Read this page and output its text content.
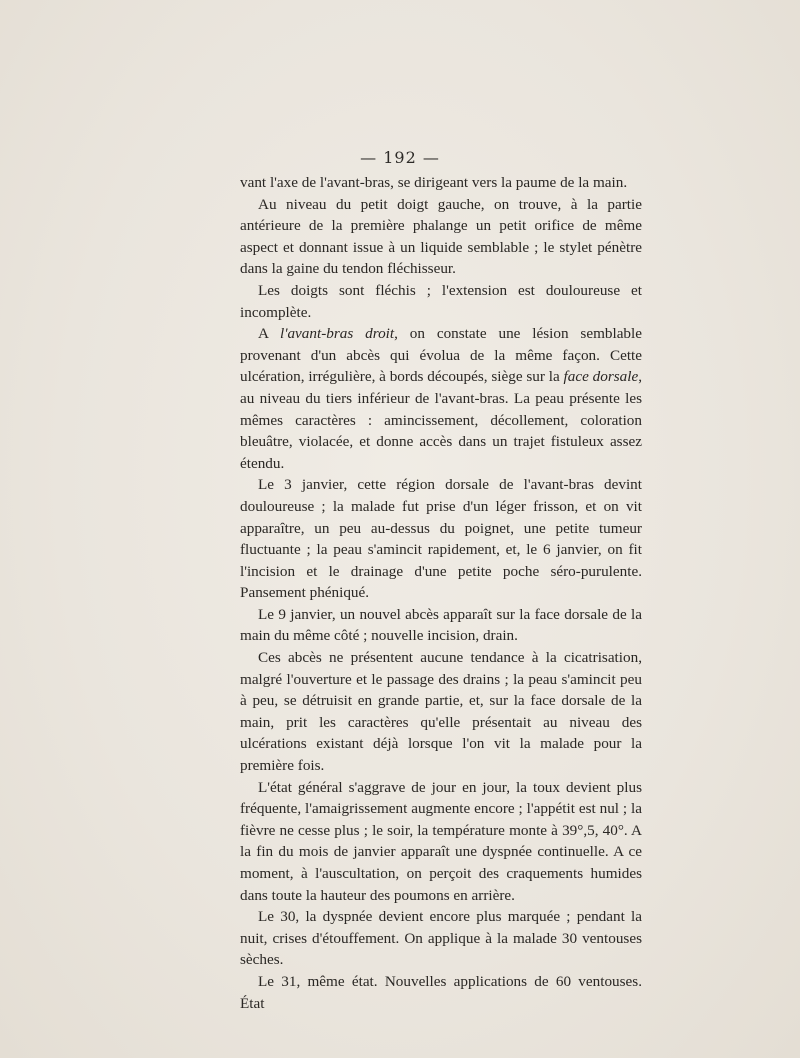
— 192 —

vant l'axe de l'avant-bras, se dirigeant vers la paume de la main.

Au niveau du petit doigt gauche, on trouve, à la partie antérieure de la première phalange un petit orifice de même aspect et donnant issue à un liquide semblable ; le stylet pénètre dans la gaine du tendon fléchisseur.

Les doigts sont fléchis ; l'extension est douloureuse et incomplète.

A l'avant-bras droit, on constate une lésion semblable provenant d'un abcès qui évolua de la même façon. Cette ulcération, irrégulière, à bords découpés, siège sur la face dorsale, au niveau du tiers inférieur de l'avant-bras. La peau présente les mêmes caractères : amincissement, décollement, coloration bleuâtre, violacée, et donne accès dans un trajet fistuleux assez étendu.

Le 3 janvier, cette région dorsale de l'avant-bras devint douloureuse ; la malade fut prise d'un léger frisson, et on vit apparaître, un peu au-dessus du poignet, une petite tumeur fluctuante ; la peau s'amincit rapidement, et, le 6 janvier, on fit l'incision et le drainage d'une petite poche séro-purulente. Pansement phéniqué.

Le 9 janvier, un nouvel abcès apparaît sur la face dorsale de la main du même côté ; nouvelle incision, drain.

Ces abcès ne présentent aucune tendance à la cicatrisation, malgré l'ouverture et le passage des drains ; la peau s'amincit peu à peu, se détruisit en grande partie, et, sur la face dorsale de la main, prit les caractères qu'elle présentait au niveau des ulcérations existant déjà lorsque l'on vit la malade pour la première fois.

L'état général s'aggrave de jour en jour, la toux devient plus fréquente, l'amaigrissement augmente encore ; l'appétit est nul ; la fièvre ne cesse plus ; le soir, la température monte à 39°,5, 40°. A la fin du mois de janvier apparaît une dyspnée continuelle. A ce moment, à l'auscultation, on perçoit des craquements humides dans toute la hauteur des poumons en arrière.

Le 30, la dyspnée devient encore plus marquée ; pendant la nuit, crises d'étouffement. On applique à la malade 30 ventouses sèches.

Le 31, même état. Nouvelles applications de 60 ventouses. État
